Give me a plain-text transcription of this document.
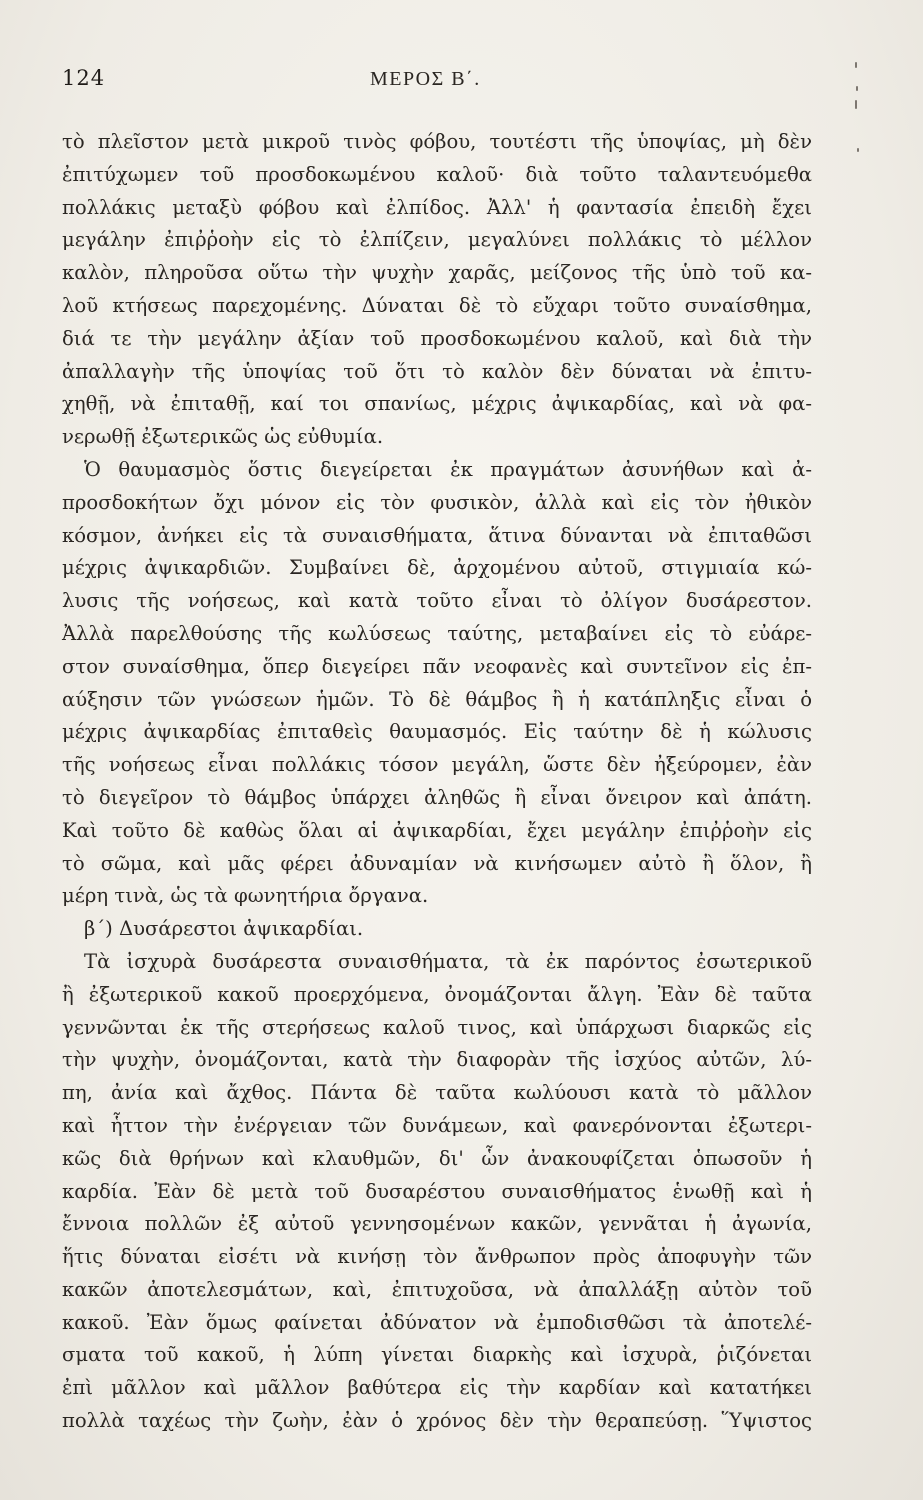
124	ΜΕΡΟΣ Β΄.
τὸ πλεῖστον μετὰ μικροῦ τινὸς φόβου, τουτέστι τῆς ὑποψίας, μὴ δὲν
ἐπιτύχωμεν τοῦ προσδοκωμένου καλοῦ· διὰ τοῦτο ταλαντευόμεθα
πολλάκις μεταξὺ φόβου καὶ ἐλπίδος. Ἀλλ' ἡ φαντασία ἐπειδὴ ἔχει
μεγάλην ἐπιῤῥοὴν εἰς τὸ ἐλπίζειν, μεγαλύνει πολλάκις τὸ μέλλον
καλὸν, πληροῦσα οὕτω τὴν ψυχὴν χαρᾶς, μείζονος τῆς ὑπὸ τοῦ κα-
λοῦ κτήσεως παρεχομένης. Δύναται δὲ τὸ εὔχαρι τοῦτο συναίσθημα,
διά τε τὴν μεγάλην ἀξίαν τοῦ προσδοκωμένου καλοῦ, καὶ διὰ τὴν
ἀπαλλαγὴν τῆς ὑποψίας τοῦ ὅτι τὸ καλὸν δὲν δύναται νὰ ἐπιτυ-
χηθῇ, νὰ ἐπιταθῇ, καί τοι σπανίως, μέχρις ἀψικαρδίας, καὶ νὰ φα-
νερωθῇ ἐξωτερικῶς ὡς εὐθυμία.
Ὁ θαυμασμὸς ὅστις διεγείρεται ἐκ πραγμάτων ἀσυνήθων καὶ ἀ-
προσδοκήτων ὄχι μόνον εἰς τὸν φυσικὸν, ἀλλὰ καὶ εἰς τὸν ἠθικὸν
κόσμον, ἀνήκει εἰς τὰ συναισθήματα, ἅτινα δύνανται νὰ ἐπιταθῶσι
μέχρις ἀψικαρδιῶν. Συμβαίνει δὲ, ἀρχομένου αὐτοῦ, στιγμιαία κώ-
λυσις τῆς νοήσεως, καὶ κατὰ τοῦτο εἶναι τὸ ὀλίγον δυσάρεστον.
Ἀλλὰ παρελθούσης τῆς κωλύσεως ταύτης, μεταβαίνει εἰς τὸ εὐάρε-
στον συναίσθημα, ὅπερ διεγείρει πᾶν νεοφανὲς καὶ συντεῖνον εἰς ἐπ-
αύξησιν τῶν γνώσεων ἡμῶν. Τὸ δὲ θάμβος ἢ ἡ κατάπληξις εἶναι ὁ
μέχρις ἀψικαρδίας ἐπιταθεὶς θαυμασμός. Εἰς ταύτην δὲ ἡ κώλυσις
τῆς νοήσεως εἶναι πολλάκις τόσον μεγάλη, ὥστε δὲν ἠξεύρομεν, ἐὰν
τὸ διεγεῖρον τὸ θάμβος ὑπάρχει ἀληθῶς ἢ εἶναι ὄνειρον καὶ ἀπάτη.
Καὶ τοῦτο δὲ καθὼς ὅλαι αἱ ἀψικαρδίαι, ἔχει μεγάλην ἐπιῤῥοὴν εἰς
τὸ σῶμα, καὶ μᾶς φέρει ἀδυναμίαν νὰ κινήσωμεν αὐτὸ ἢ ὅλον, ἢ
μέρη τινὰ, ὡς τὰ φωνητήρια ὄργανα.
β΄) Δυσάρεστοι ἀψικαρδίαι.
Τὰ ἰσχυρὰ δυσάρεστα συναισθήματα, τὰ ἐκ παρόντος ἐσωτερικοῦ
ἢ ἐξωτερικοῦ κακοῦ προερχόμενα, ὀνομάζονται ἄλγη. Ἐὰν δὲ ταῦτα
γεννῶνται ἐκ τῆς στερήσεως καλοῦ τινος, καὶ ὑπάρχωσι διαρκῶς εἰς
τὴν ψυχὴν, ὀνομάζονται, κατὰ τὴν διαφορὰν τῆς ἰσχύος αὐτῶν, λύ-
πη, ἀνία καὶ ἄχθος. Πάντα δὲ ταῦτα κωλύουσι κατὰ τὸ μᾶλλον
καὶ ἧττον τὴν ἐνέργειαν τῶν δυνάμεων, καὶ φανερόνονται ἐξωτερι-
κῶς διὰ θρήνων καὶ κλαυθμῶν, δι' ὧν ἀνακουφίζεται ὁπωσοῦν ἡ
καρδία. Ἐὰν δὲ μετὰ τοῦ δυσαρέστου συναισθήματος ἑνωθῇ καὶ ἡ
ἔννοια πολλῶν ἐξ αὐτοῦ γεννησομένων κακῶν, γεννᾶται ἡ ἀγωνία,
ἥτις δύναται εἰσέτι νὰ κινήσῃ τὸν ἄνθρωπον πρὸς ἀποφυγὴν τῶν
κακῶν ἀποτελεσμάτων, καὶ, ἐπιτυχοῦσα, νὰ ἀπαλλάξῃ αὐτὸν τοῦ
κακοῦ. Ἐὰν ὅμως φαίνεται ἀδύνατον νὰ ἐμποδισθῶσι τὰ ἀποτελέ-
σματα τοῦ κακοῦ, ἡ λύπη γίνεται διαρκὴς καὶ ἰσχυρὰ, ῥιζόνεται
ἐπὶ μᾶλλον καὶ μᾶλλον βαθύτερα εἰς τὴν καρδίαν καὶ κατατήκει
πολλὰ ταχέως τὴν ζωὴν, ἐὰν ὁ χρόνος δὲν τὴν θεραπεύσῃ. Ὕψιστος
